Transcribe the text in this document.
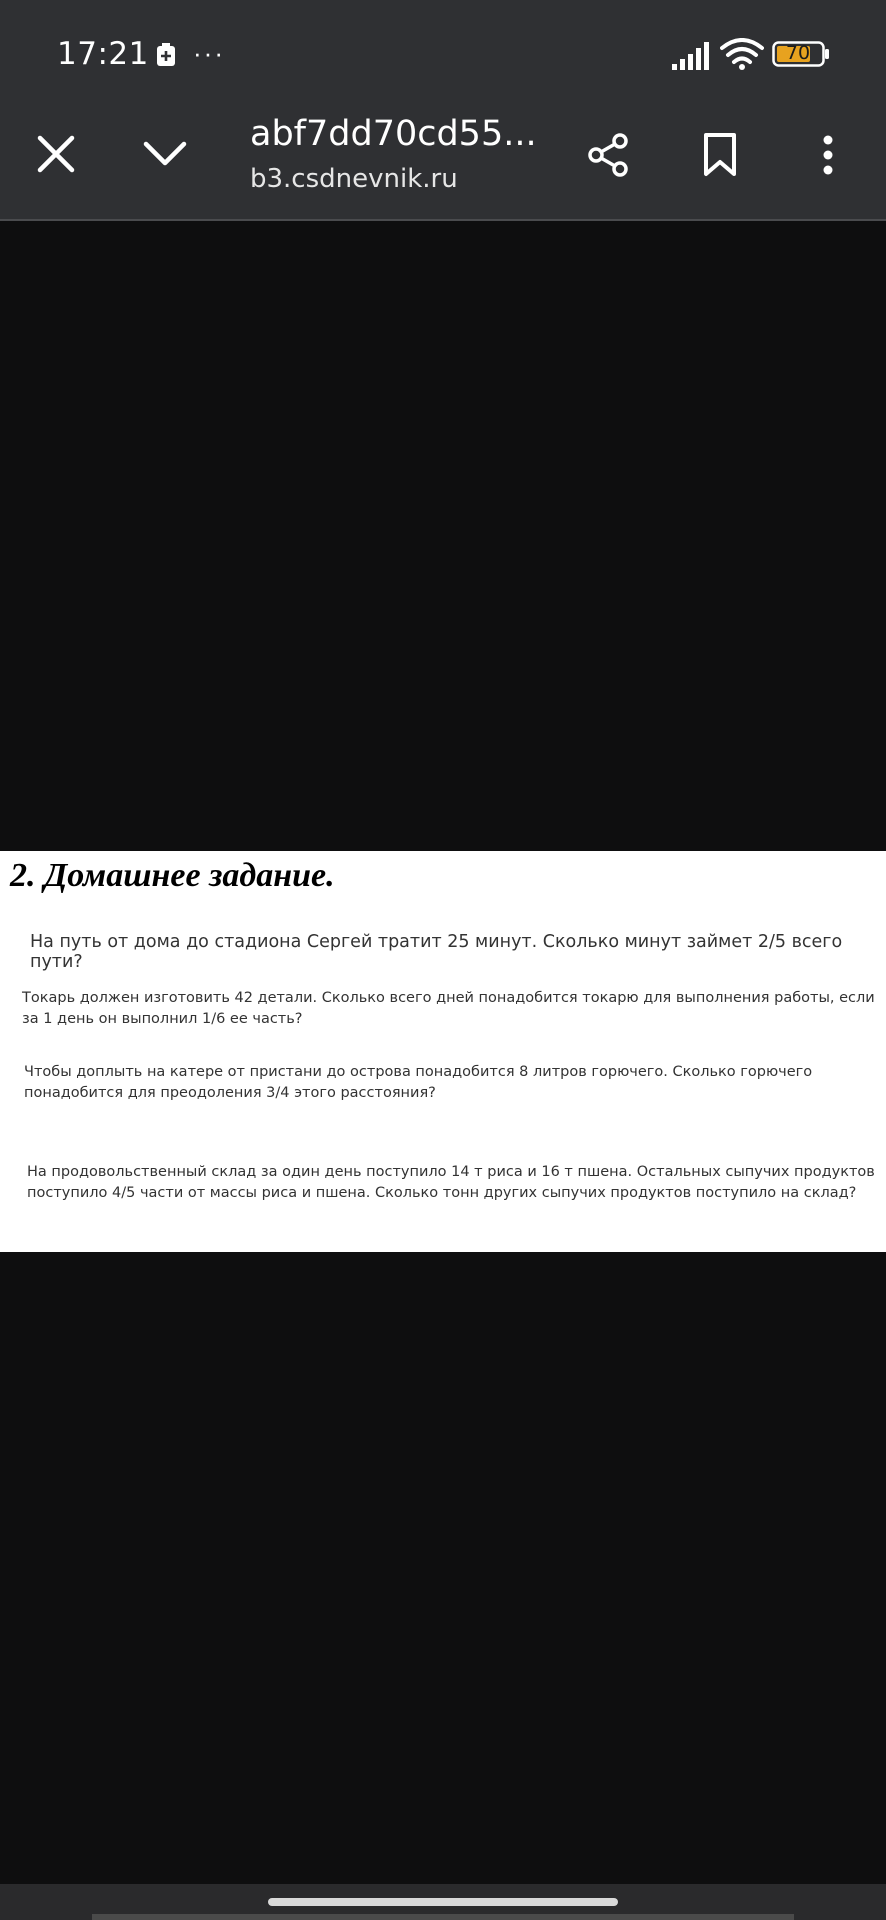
17:21 ···	70
abf7dd70cd55...
b3.csdnevnik.ru
2. Домашнее задание.

На путь от дома до стадиона Сергей тратит 25 минут. Сколько минут займет 2/5 всего пути?

Токарь должен изготовить 42 детали. Сколько всего дней понадобится токарю для выполнения работы, если за 1 день он выполнил 1/6 ее часть?

Чтобы доплыть на катере от пристани до острова понадобится 8 литров горючего. Сколько горючего понадобится для преодоления 3/4 этого расстояния?

На продовольственный склад за один день поступило 14 т риса и 16 т пшена. Остальных сыпучих продуктов поступило 4/5 части от массы риса и пшена. Сколько тонн других сыпучих продуктов поступило на склад?
